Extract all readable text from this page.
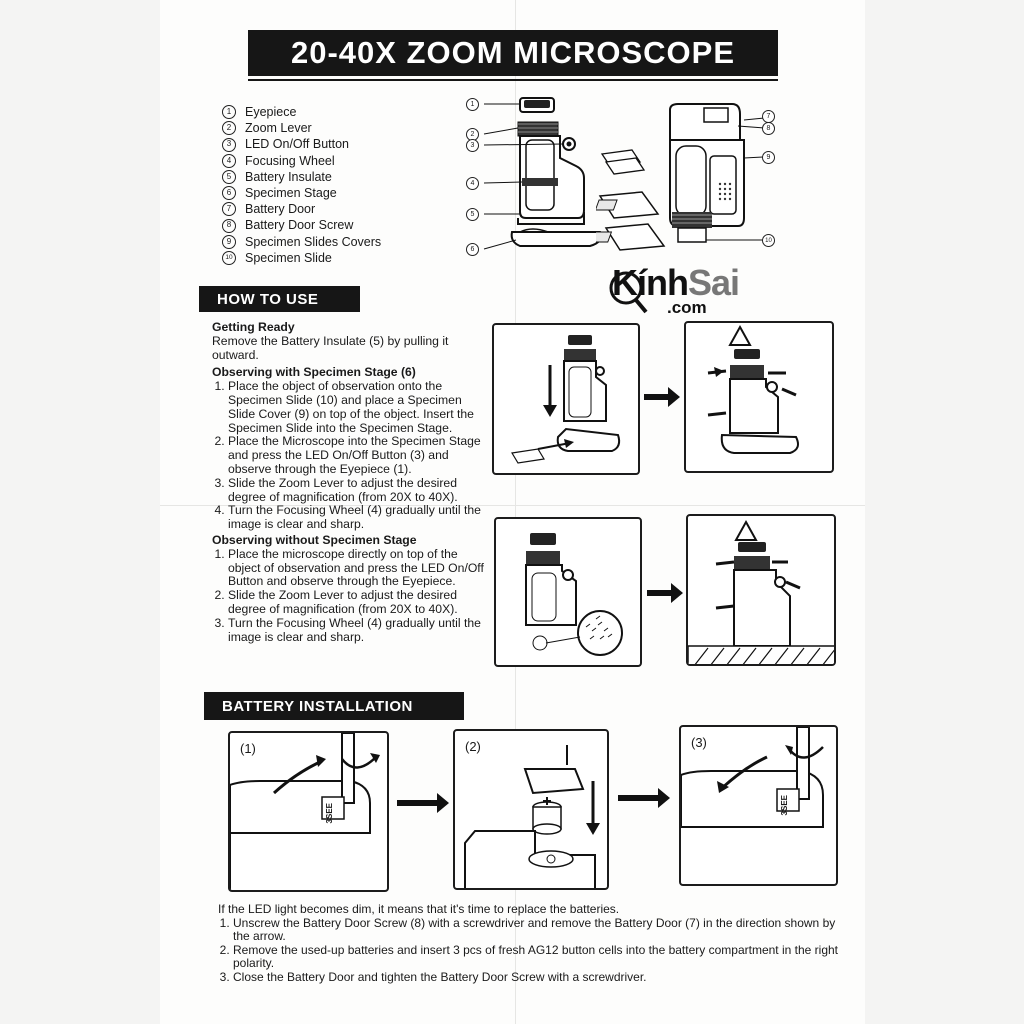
20-40X ZOOM MICROSCOPE
1	Eyepiece
2	Zoom Lever
3	LED On/Off Button
4	Focusing Wheel
5	Battery Insulate
6	Specimen Stage
7	Battery Door
8	Battery Door Screw
9	Specimen Slides Covers
10 Specimen Slide
1
2
3
4
5
6
7
8
9
10
Kính Sai
.com
HOW TO USE
Getting Ready

Remove the Battery Insulate (5) by pulling it outward.

Observing with Specimen Stage (6)
1. Place the object of observation onto the Specimen Slide (10) and place a Specimen Slide Cover (9) on top of the object. Insert the Specimen Slide into the Specimen Stage.
2. Place the Microscope into the Specimen Stage and press the LED On/Off Button (3) and observe through the Eyepiece (1).
3. Slide the Zoom Lever to adjust the desired degree of magnification (from 20X to 40X).
4. Turn the Focusing Wheel (4) gradually until the image is clear and sharp.
Observing without Specimen Stage
1. Place the microscope directly on top of the object of observation and press the LED On/Off Button and observe through the Eyepiece.
2. Slide the Zoom Lever to adjust the desired degree of magnification (from 20X to 40X).
3. Turn the Focusing Wheel (4) gradually until the image is clear and sharp.
BATTERY INSTALLATION
(1)
3SEE
(2)	(3)
3SEE

If the LED light becomes dim, it means that it's time to replace the batteries.

1. Unscrew the Battery Door Screw (8) with a screwdriver and remove the Battery Door (7) in the direction shown by the arrow.
2. Remove the used-up batteries and insert 3 pcs of fresh AG12 button cells into the battery compartment in the right polarity.
3. Close the Battery Door and tighten the Battery Door Screw with a screwdriver.
